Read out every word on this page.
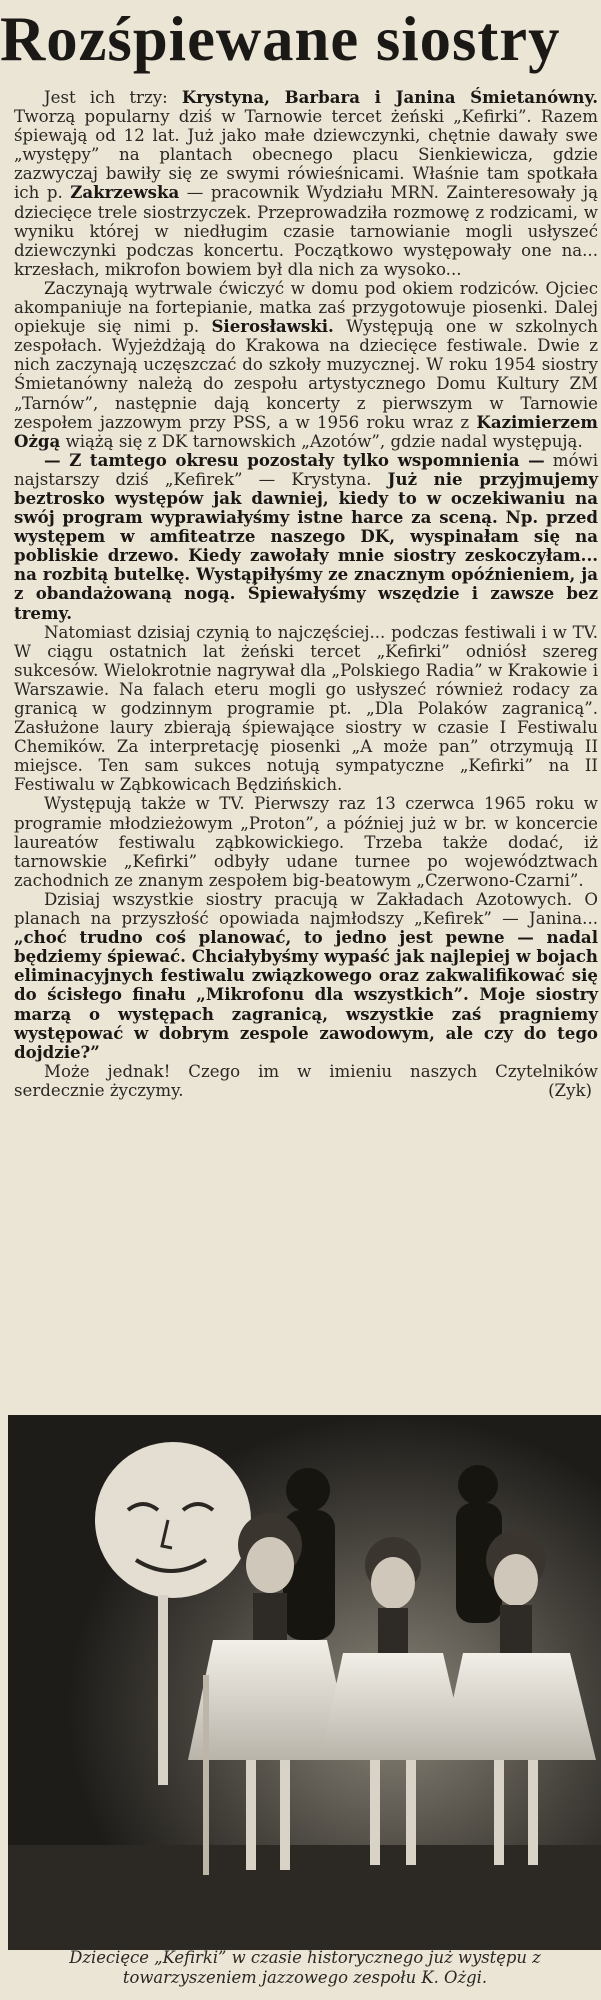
Rozśpiewane siostry

Jest ich trzy: Krystyna, Barbara i Janina Śmietanówny. Tworzą popularny dziś w Tarnowie tercet żeński „Kefirki”. Razem śpiewają od 12 lat. Już jako małe dziewczynki, chętnie dawały swe „występy” na plantach obecnego placu Sienkiewicza, gdzie zazwyczaj bawiły się ze swymi rówieśnicami. Właśnie tam spotkała ich p. Zakrzewska — pracownik Wydziału MRN. Zainteresowały ją dziecięce trele siostrzyczek. Przeprowadziła rozmowę z rodzicami, w wyniku której w niedługim czasie tarnowianie mogli usłyszeć dziewczynki podczas koncertu. Początkowo występowały one na... krzesłach, mikrofon bowiem był dla nich za wysoko...

Zaczynają wytrwale ćwiczyć w domu pod okiem rodziców. Ojciec akompaniuje na fortepianie, matka zaś przygotowuje piosenki. Dalej opiekuje się nimi p. Sierosławski. Występują one w szkolnych zespołach. Wyjeżdżają do Krakowa na dziecięce festiwale. Dwie z nich zaczynają uczęszczać do szkoły muzycznej. W roku 1954 siostry Śmietanówny należą do zespołu artystycznego Domu Kultury ZM „Tarnów”, następnie dają koncerty z pierwszym w Tarnowie zespołem jazzowym przy PSS, a w 1956 roku wraz z Kazimierzem Ożgą wiążą się z DK tarnowskich „Azotów”, gdzie nadal występują.

— Z tamtego okresu pozostały tylko wspomnienia — mówi najstarszy dziś „Kefirek” — Krystyna. Już nie przyjmujemy beztrosko występów jak dawniej, kiedy to w oczekiwaniu na swój program wyprawiałyśmy istne harce za sceną. Np. przed występem w amfiteatrze naszego DK, wyspinałam się na pobliskie drzewo. Kiedy zawołały mnie siostry zeskoczyłam... na rozbitą butelkę. Wystąpiłyśmy ze znacznym opóźnieniem, ja z obandażowaną nogą. Śpiewałyśmy wszędzie i zawsze bez tremy.

Natomiast dzisiaj czynią to najczęściej... podczas festiwali i w TV. W ciągu ostatnich lat żeński tercet „Kefirki” odniósł szereg sukcesów. Wielokrotnie nagrywał dla „Polskiego Radia” w Krakowie i Warszawie. Na falach eteru mogli go usłyszeć również rodacy za granicą w godzinnym programie pt. „Dla Polaków zagranicą”. Zasłużone laury zbierają śpiewające siostry w czasie I Festiwalu Chemików. Za interpretację piosenki „A może pan” otrzymują II miejsce. Ten sam sukces notują sympatyczne „Kefirki” na II Festiwalu w Ząbkowicach Będzińskich.

Występują także w TV. Pierwszy raz 13 czerwca 1965 roku w programie młodzieżowym „Proton”, a później już w br. w koncercie laureatów festiwalu ząbkowickiego. Trzeba także dodać, iż tarnowskie „Kefirki” odbyły udane turnee po województwach zachodnich ze znanym zespołem big-beatowym „Czerwono-Czarni”.

Dzisiaj wszystkie siostry pracują w Zakładach Azotowych. O planach na przyszłość opowiada najmłodszy „Kefirek” — Janina... „choć trudno coś planować, to jedno jest pewne — nadal będziemy śpiewać. Chciałybyśmy wypaść jak najlepiej w bojach eliminacyjnych festiwalu związkowego oraz zakwalifikować się do ścisłego finału „Mikrofonu dla wszystkich”. Moje siostry marzą o występach zagranicą, wszystkie zaś pragniemy występować w dobrym zespole zawodowym, ale czy do tego dojdzie?”

Może jednak! Czego im w imieniu naszych Czytelników serdecznie życzymy.	(Zyk)

Dziecięce „Kefirki” w czasie historycznego już występu z towarzyszeniem jazzowego zespołu K. Ożgi.
